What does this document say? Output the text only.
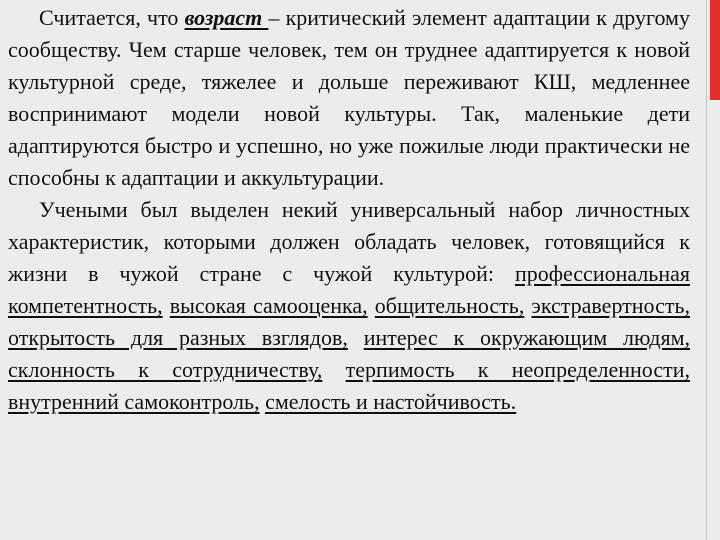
Считается, что возраст – критический элемент адаптации к другому сообществу. Чем старше человек, тем он труднее адаптируется к новой культурной среде, тяжелее и дольше переживают КШ, медленнее воспринимают модели новой культуры. Так, маленькие дети адаптируются быстро и успешно, но уже пожилые люди практически не способны к адаптации и аккультурации.

Учеными был выделен некий универсальный набор личностных характеристик, которыми должен обладать человек, готовящийся к жизни в чужой стране с чужой культурой: профессиональная компетентность, высокая самооценка, общительность, экстравертность, открытость для разных взглядов, интерес к окружающим людям, склонность к сотрудничеству, терпимость к неопределенности, внутренний самоконтроль, смелость и настойчивость.
